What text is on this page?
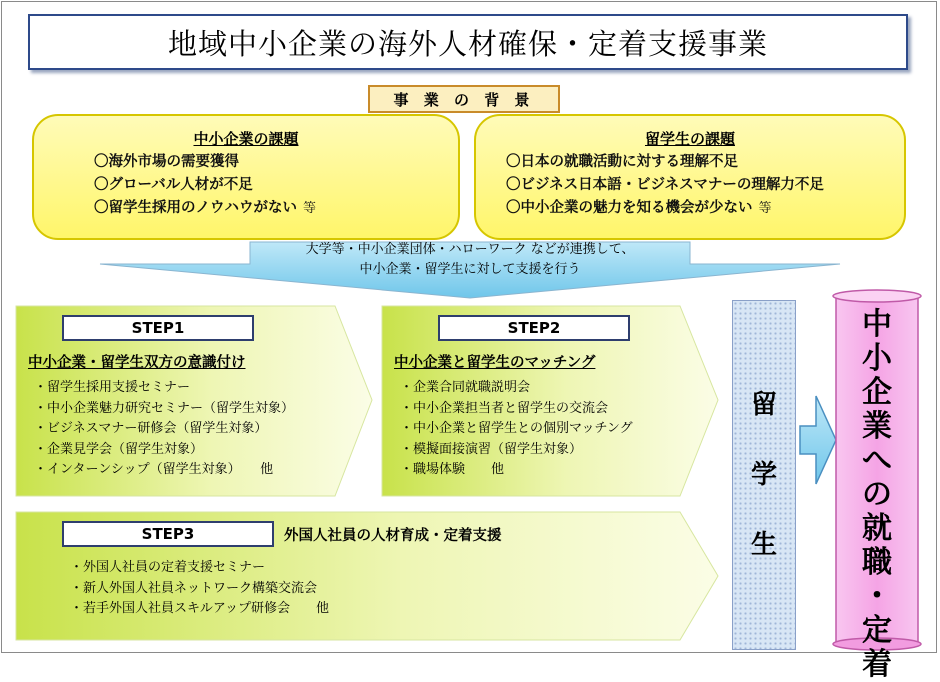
地域中小企業の海外人材確保・定着支援事業
事 業 の 背 景
中小企業の課題
〇海外市場の需要獲得
〇グローバル人材が不足
〇留学生採用のノウハウがない 等
留学生の課題
〇日本の就職活動に対する理解不足
〇ビジネス日本語・ビジネスマナーの理解力不足
〇中小企業の魅力を知る機会が少ない 等
大学等・中小企業団体・ハローワーク などが連携して、
中小企業・留学生に対して支援を行う
STEP1
中小企業・留学生双方の意識付け
・留学生採用支援セミナー
・中小企業魅力研究セミナー（留学生対象）
・ビジネスマナー研修会（留学生対象）
・企業見学会（留学生対象）
・インターンシップ（留学生対象）　　他
STEP2
中小企業と留学生のマッチング
・企業合同就職説明会
・中小企業担当者と留学生の交流会
・中小企業と留学生との個別マッチング
・模擬面接演習（留学生対象）
・職場体験　　他
STEP3	外国人社員の人材育成・定着支援
・外国人社員の定着支援セミナー
・新人外国人社員ネットワーク構築交流会
・若手外国人社員スキルアップ研修会　　他
留
学
生
中
小
企
業
へ
の
就
職
・
定
着
